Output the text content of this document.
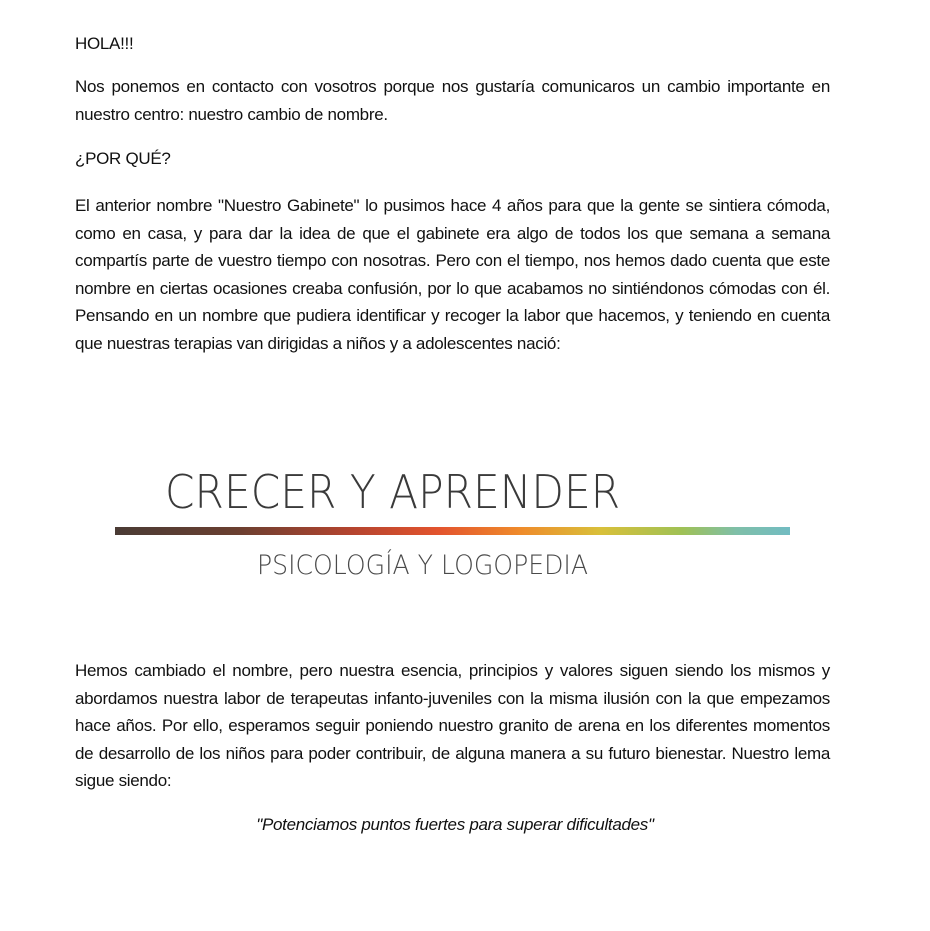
HOLA!!!

Nos ponemos en contacto con vosotros porque nos gustaría comunicaros un cambio importante en nuestro centro: nuestro cambio de nombre.

¿POR QUÉ?

El anterior nombre "Nuestro Gabinete" lo pusimos hace 4 años para que la gente se sintiera cómoda, como en casa, y para dar la idea de que el gabinete era algo de todos los que semana a semana compartís parte de vuestro tiempo con nosotras. Pero con el tiempo, nos hemos dado cuenta que este nombre en ciertas ocasiones creaba confusión, por lo que acabamos no sintiéndonos cómodas con él. Pensando en un nombre que pudiera identificar y recoger la labor que hacemos, y teniendo en cuenta que nuestras terapias van dirigidas a niños y a adolescentes nació:

CRECER Y APRENDER
PSICOLOGÍA Y LOGOPEDIA

Hemos cambiado el nombre, pero nuestra esencia, principios y valores siguen siendo los mismos y abordamos nuestra labor de terapeutas infanto-juveniles con la misma ilusión con la que empezamos hace años. Por ello, esperamos seguir poniendo nuestro granito de arena en los diferentes momentos de desarrollo de los niños para poder contribuir, de alguna manera a su futuro bienestar. Nuestro lema sigue siendo:

"Potenciamos puntos fuertes para superar dificultades"
